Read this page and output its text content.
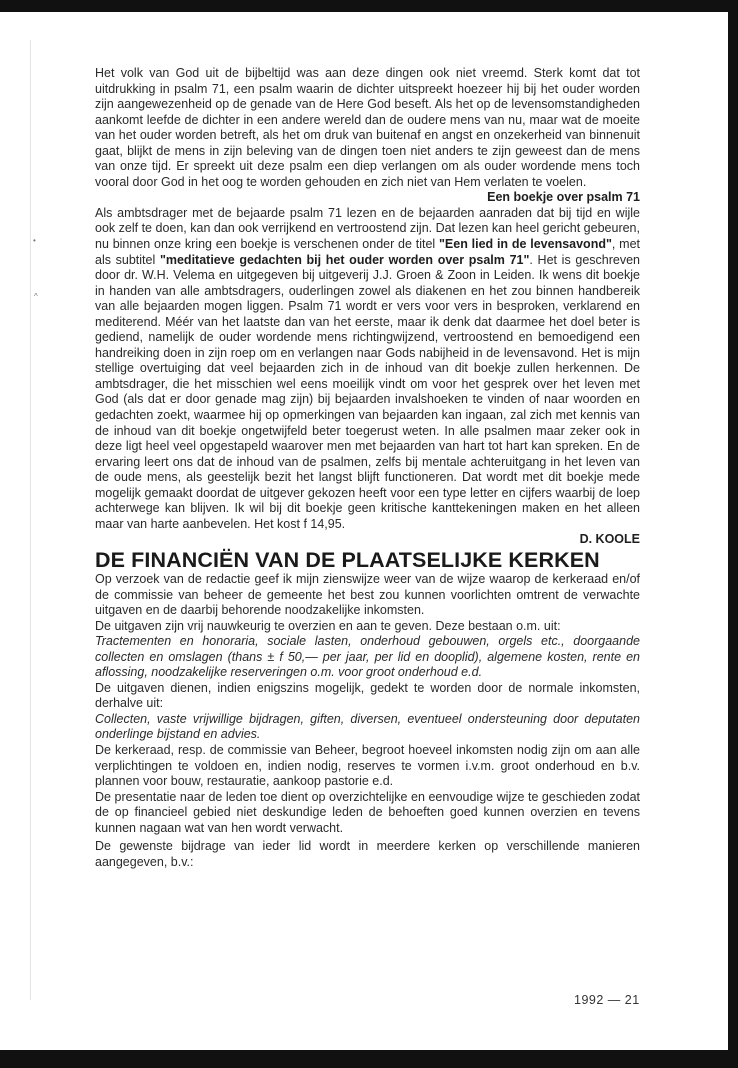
•
^

Het volk van God uit de bijbeltijd was aan deze dingen ook niet vreemd. Sterk komt dat tot uitdrukking in psalm 71, een psalm waarin de dichter uitspreekt hoezeer hij bij het ouder worden zijn aangewezenheid op de genade van de Here God beseft. Als het op de levensomstandigheden aankomt leefde de dichter in een andere wereld dan de oudere mens van nu, maar wat de moeite van het ouder worden betreft, als het om druk van buitenaf en angst en onzekerheid van binnenuit gaat, blijkt de mens in zijn beleving van de dingen toen niet anders te zijn geweest dan de mens van onze tijd. Er spreekt uit deze psalm een diep verlangen om als ouder wordende mens toch vooral door God in het oog te worden gehouden en zich niet van Hem verlaten te voelen.

Een boekje over psalm 71

Als ambtsdrager met de bejaarde psalm 71 lezen en de bejaarden aanraden dat bij tijd en wijle ook zelf te doen, kan dan ook verrijkend en vertroostend zijn. Dat lezen kan heel gericht gebeuren, nu binnen onze kring een boekje is verschenen onder de titel "Een lied in de levensavond", met als subtitel "meditatieve gedachten bij het ouder worden over psalm 71". Het is geschreven door dr. W.H. Velema en uitgegeven bij uitgeverij J.J. Groen & Zoon in Leiden. Ik wens dit boekje in handen van alle ambtsdragers, ouderlingen zowel als diakenen en het zou binnen handbereik van alle bejaarden mogen liggen. Psalm 71 wordt er vers voor vers in besproken, verklarend en mediterend. Méér van het laatste dan van het eerste, maar ik denk dat daarmee het doel beter is gediend, namelijk de ouder wordende mens richtingwijzend, vertroostend en bemoedigend een handreiking doen in zijn roep om en verlangen naar Gods nabijheid in de levensavond. Het is mijn stellige overtuiging dat veel bejaarden zich in de inhoud van dit boekje zullen herkennen. De ambtsdrager, die het misschien wel eens moeilijk vindt om voor het gesprek over het leven met God (als dat er door genade mag zijn) bij bejaarden invalshoeken te vinden of naar woorden en gedachten zoekt, waarmee hij op opmerkingen van bejaarden kan ingaan, zal zich met kennis van de inhoud van dit boekje ongetwijfeld beter toegerust weten. In alle psalmen maar zeker ook in deze ligt heel veel opgestapeld waarover men met bejaarden van hart tot hart kan spreken. En de ervaring leert ons dat de inhoud van de psalmen, zelfs bij mentale achteruitgang in het leven van de oude mens, als geestelijk bezit het langst blijft functioneren. Dat wordt met dit boekje mede mogelijk gemaakt doordat de uitgever gekozen heeft voor een type letter en cijfers waarbij de loep achterwege kan blijven. Ik wil bij dit boekje geen kritische kanttekeningen maken en het alleen maar van harte aanbevelen. Het kost f 14,95.

D. KOOLE

DE FINANCIËN VAN DE PLAATSELIJKE KERKEN

Op verzoek van de redactie geef ik mijn zienswijze weer van de wijze waarop de kerkeraad en/of de commissie van beheer de gemeente het best zou kunnen voorlichten omtrent de verwachte uitgaven en de daarbij behorende noodzakelijke inkomsten.

De uitgaven zijn vrij nauwkeurig te overzien en aan te geven. Deze bestaan o.m. uit:

Tractementen en honoraria, sociale lasten, onderhoud gebouwen, orgels etc., doorgaande collecten en omslagen (thans ± f 50,— per jaar, per lid en dooplid), algemene kosten, rente en aflossing, noodzakelijke reserveringen o.m. voor groot onderhoud e.d.

De uitgaven dienen, indien enigszins mogelijk, gedekt te worden door de normale inkomsten, derhalve uit:

Collecten, vaste vrijwillige bijdragen, giften, diversen, eventueel ondersteuning door deputaten onderlinge bijstand en advies.

De kerkeraad, resp. de commissie van Beheer, begroot hoeveel inkomsten nodig zijn om aan alle verplichtingen te voldoen en, indien nodig, reserves te vormen i.v.m. groot onderhoud en b.v. plannen voor bouw, restauratie, aankoop pastorie e.d.

De presentatie naar de leden toe dient op overzichtelijke en eenvoudige wijze te geschieden zodat de op financieel gebied niet deskundige leden de behoeften goed kunnen overzien en tevens kunnen nagaan wat van hen wordt verwacht.

De gewenste bijdrage van ieder lid wordt in meerdere kerken op verschillende manieren aangegeven, b.v.:

1992 — 21
